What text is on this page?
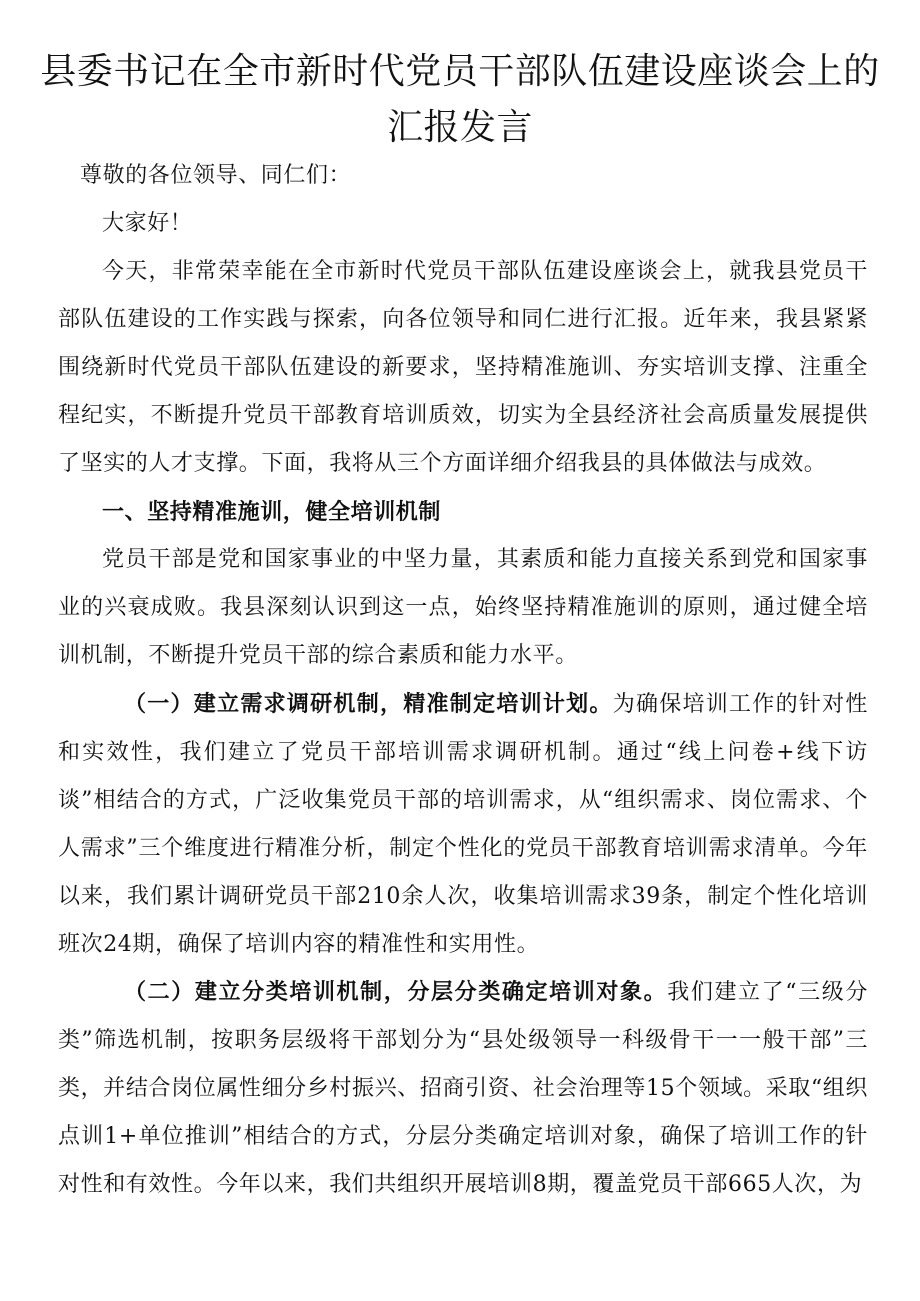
县委书记在全市新时代党员干部队伍建设座谈会上的汇报发言

尊敬的各位领导、同仁们：

大家好！

今天，非常荣幸能在全市新时代党员干部队伍建设座谈会上，就我县党员干部队伍建设的工作实践与探索，向各位领导和同仁进行汇报。近年来，我县紧紧围绕新时代党员干部队伍建设的新要求，坚持精准施训、夯实培训支撑、注重全程纪实，不断提升党员干部教育培训质效，切实为全县经济社会高质量发展提供了坚实的人才支撑。下面，我将从三个方面详细介绍我县的具体做法与成效。

一、坚持精准施训，健全培训机制

党员干部是党和国家事业的中坚力量，其素质和能力直接关系到党和国家事业的兴衰成败。我县深刻认识到这一点，始终坚持精准施训的原则，通过健全培训机制，不断提升党员干部的综合素质和能力水平。

（一）建立需求调研机制，精准制定培训计划。为确保培训工作的针对性和实效性，我们建立了党员干部培训需求调研机制。通过“线上问卷+线下访谈”相结合的方式，广泛收集党员干部的培训需求，从“组织需求、岗位需求、个人需求”三个维度进行精准分析，制定个性化的党员干部教育培训需求清单。今年以来，我们累计调研党员干部210余人次，收集培训需求39条，制定个性化培训班次24期，确保了培训内容的精准性和实用性。

（二）建立分类培训机制，分层分类确定培训对象。我们建立了“三级分类”筛选机制，按职务层级将干部划分为“县处级领导一科级骨干一一般干部”三类，并结合岗位属性细分乡村振兴、招商引资、社会治理等15个领域。采取“组织点训1+单位推训”相结合的方式，分层分类确定培训对象，确保了培训工作的针对性和有效性。今年以来，我们共组织开展培训8期，覆盖党员干部665人次，为
